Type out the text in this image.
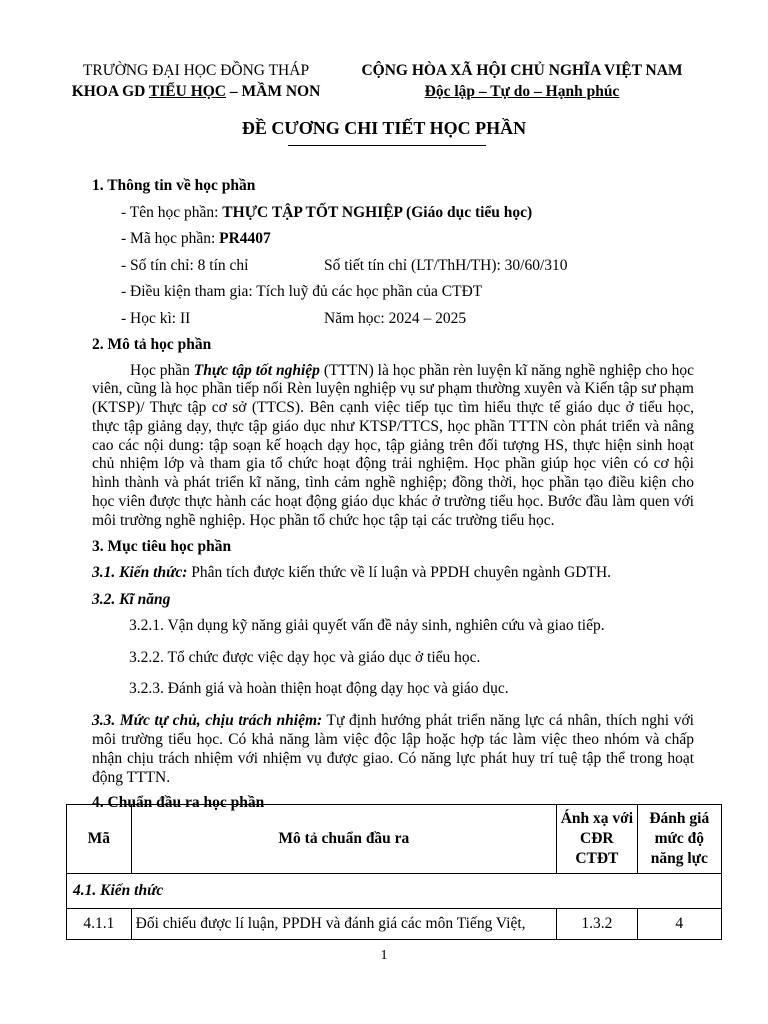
TRƯỜNG ĐẠI HỌC ĐỒNG THÁP
KHOA GD TIỂU HỌC – MẦM NON
CỘNG HÒA XÃ HỘI CHỦ NGHĨA VIỆT NAM
Độc lập – Tự do – Hạnh phúc
ĐỀ CƯƠNG CHI TIẾT HỌC PHẦN
1. Thông tin về học phần
- Tên học phần: THỰC TẬP TỐT NGHIỆP (Giáo dục tiểu học)
- Mã học phần: PR4407
- Số tín chỉ: 8 tín chỉ	Số tiết tín chỉ (LT/ThH/TH): 30/60/310
- Điều kiện tham gia: Tích luỹ đủ các học phần của CTĐT
- Học kì: II	Năm học: 2024 – 2025
2. Mô tả học phần
Học phần Thực tập tốt nghiệp (TTTN) là học phần rèn luyện kĩ năng nghề nghiệp cho học viên, cũng là học phần tiếp nối Rèn luyện nghiệp vụ sư phạm thường xuyên và Kiến tập sư phạm (KTSP)/ Thực tập cơ sở (TTCS). Bên cạnh việc tiếp tục tìm hiểu thực tế giáo dục ở tiểu học, thực tập giảng dạy, thực tập giáo dục như KTSP/TTCS, học phần TTTN còn phát triển và nâng cao các nội dung: tập soạn kế hoạch dạy học, tập giảng trên đối tượng HS, thực hiện sinh hoạt chủ nhiệm lớp và tham gia tổ chức hoạt động trải nghiệm. Học phần giúp học viên có cơ hội hình thành và phát triển kĩ năng, tình cảm nghề nghiệp; đồng thời, học phần tạo điều kiện cho học viên được thực hành các hoạt động giáo dục khác ở trường tiểu học. Bước đầu làm quen với môi trường nghề nghiệp. Học phần tổ chức học tập tại các trường tiểu học.
3. Mục tiêu học phần
3.1. Kiến thức: Phân tích được kiến thức về lí luận và PPDH chuyên ngành GDTH.
3.2. Kĩ năng
3.2.1. Vận dụng kỹ năng giải quyết vấn đề nảy sinh, nghiên cứu và giao tiếp.
3.2.2. Tổ chức được việc dạy học và giáo dục ở tiểu học.
3.2.3. Đánh giá và hoàn thiện hoạt động dạy học và giáo dục.
3.3. Mức tự chủ, chịu trách nhiệm: Tự định hướng phát triển năng lực cá nhân, thích nghi với môi trường tiểu học. Có khả năng làm việc độc lập hoặc hợp tác làm việc theo nhóm và chấp nhận chịu trách nhiệm với nhiệm vụ được giao. Có năng lực phát huy trí tuệ tập thể trong hoạt động TTTN.
4. Chuẩn đầu ra học phần
Mã	Mô tả chuẩn đầu ra	Ánh xạ với CĐR CTĐT	Đánh giá mức độ năng lực
4.1. Kiến thức			
4.1.1	Đối chiếu được lí luận, PPDH và đánh giá các môn Tiếng Việt,	1.3.2	4
1
